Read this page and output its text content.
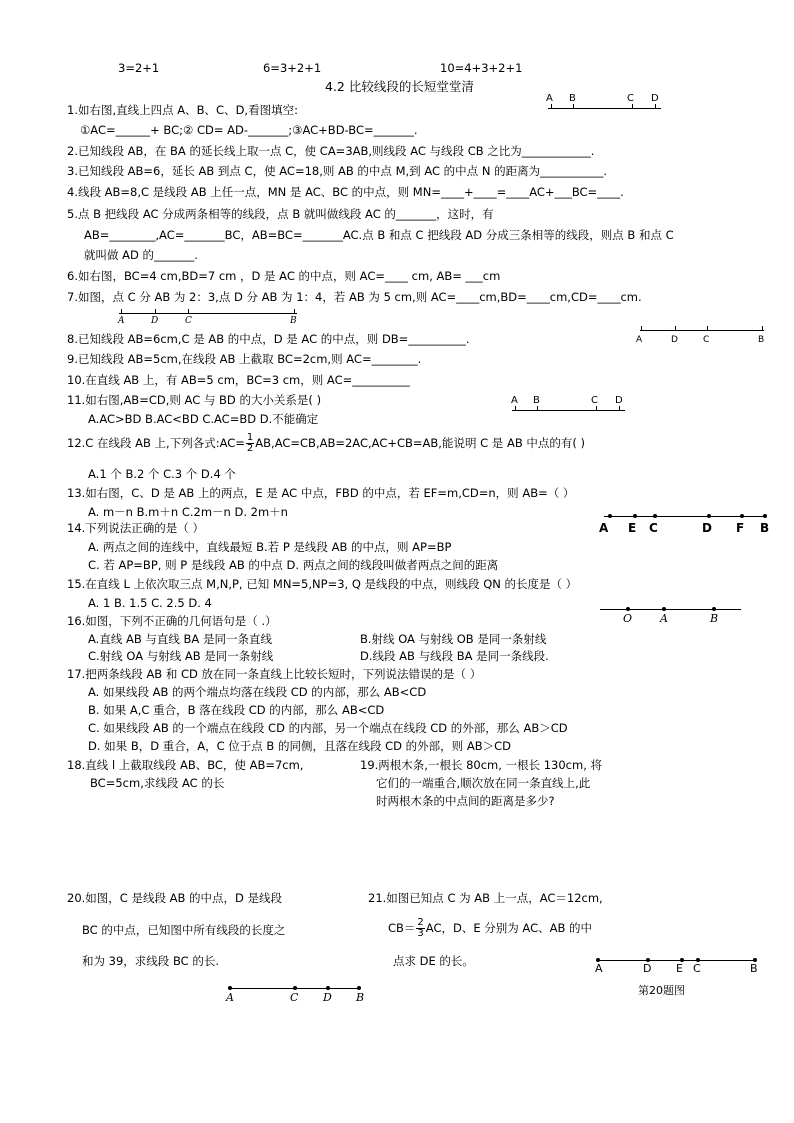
3=2+1	6=3+2+1	10=4+3+2+1
4.2 比较线段的长短堂堂清
A B	C D
1.如右图,直线上四点 A、B、C、D,看图填空:
①AC=______+ BC;② CD= AD-_______;③AC+BD-BC=_______.
2.已知线段 AB，在 BA 的延长线上取一点 C，使 CA=3AB,则线段 AC 与线段 CB 之比为____________.
3.已知线段 AB=6，延长 AB 到点 C，使 AC=18,则 AB 的中点 M,到 AC 的中点 N 的距离为___________.
4.线段 AB=8,C 是线段 AB 上任一点，MN 是 AC、BC 的中点，则 MN=____+____=____AC+___BC=____.
5.点 B 把线段 AC 分成两条相等的线段，点 B 就叫做线段 AC 的_______，这时，有
AB=________,AC=_______BC，AB=BC=_______AC.点 B 和点 C 把线段 AD 分成三条相等的线段，则点 B 和点 C
就叫做 AD 的_______.
6.如右图，BC=4 cm,BD=7 cm ，D 是 AC 的中点，则 AC=____ cm, AB= ___cm
7.如图，点 C 分 AB 为 2：3,点 D 分 AB 为 1：4，若 AB 为 5 cm,则 AC=____cm,BD=____cm,CD=____cm.
A	D	C	B
8.已知线段 AB=6cm,C 是 AB 的中点，D 是 AC 的中点，则 DB=__________.	A	D	C	B
9.已知线段 AB=5cm,在线段 AB 上截取 BC=2cm,则 AC=________.
10.在直线 AB 上，有 AB=5 cm，BC=3 cm，则 AC=__________
11.如右图,AB=CD,则 AC 与 BD 的大小关系是( )	A B	C D
A.AC>BD B.AC<BD C.AC=BD D.不能确定
12.C 在线段 AB 上,下列各式:AC= $\frac{1}{2} AB,AC=CB,AB=2AC,AC+CB=AB$,能说明 C 是 AB 中点的有( )
A.1 个 B.2 个 C.3 个 D.4 个
13.如右图，C、D 是 AB 上的两点，E 是 AC 中点，FBD 的中点，若 EF=m,CD=n，则 AB=（ ）
A. m－n B.m＋n C.2m－n D. 2m＋n
A E C	D F B
14.下列说法正确的是（ ）
A. 两点之间的连线中，直线最短 B.若 P 是线段 AB 的中点，则 AP=BP
C. 若 AP=BP, 则 P 是线段 AB 的中点 D. 两点之间的线段叫做者两点之间的距离
15.在直线 L 上依次取三点 M,N,P, 已知 MN=5,NP=3, Q 是线段的中点，则线段 QN 的长度是（ ）
A. 1 B. 1.5 C. 2.5 D. 4
O	A	B
16.如图，下列不正确的几何语句是（ .）
A.直线 AB 与直线 BA 是同一条直线	B.射线 OA 与射线 OB 是同一条射线
C.射线 OA 与射线 AB 是同一条射线	D.线段 AB 与线段 BA 是同一条线段.
17.把两条线段 AB 和 CD 放在同一条直线上比较长短时，下列说法错误的是（ ）
A. 如果线段 AB 的两个端点均落在线段 CD 的内部，那么 AB<CD
B. 如果 A,C 重合，B 落在线段 CD 的内部，那么 AB<CD
C. 如果线段 AB 的一个端点在线段 CD 的内部，另一个端点在线段 CD 的外部，那么 AB＞CD
D. 如果 B，D 重合，A，C 位于点 B 的同侧，且落在线段 CD 的外部，则 AB＞CD
18.直线 l 上截取线段 AB、BC，使 AB=7cm,
BC=5cm,求线段 AC 的长
19.两根木条,一根长 80cm, 一根长 130cm, 将
它们的一端重合,顺次放在同一条直线上,此
时两根木条的中点间的距离是多少?
20.如图，C 是线段 AB 的中点，D 是线段
BC 的中点，已知图中所有线段的长度之
和为 39，求线段 BC 的长.
A	C D B
21.如图已知点 C 为 AB 上一点，AC＝12cm,
$CB= \frac{2}{3}$ AC，D、E 分别为 AC、AB 的中
点求 DE 的长。
A	D E C	B
第20题图
